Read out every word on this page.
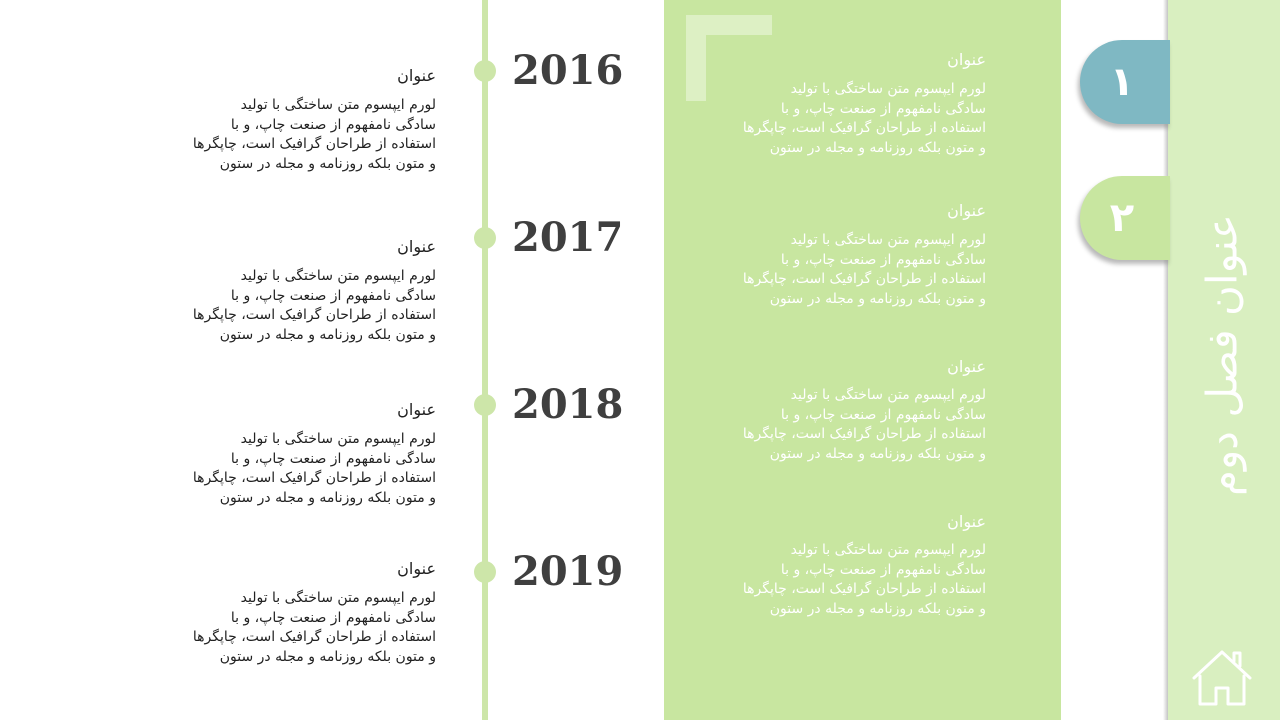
2016
عنوان
لورم ایپسوم متن ساختگی با تولید
سادگی نامفهوم از صنعت چاپ، و با
استفاده از طراحان گرافیک است، چاپگرها
و متون بلکه روزنامه و مجله در ستون
2017
عنوان
لورم ایپسوم متن ساختگی با تولید
سادگی نامفهوم از صنعت چاپ، و با
استفاده از طراحان گرافیک است، چاپگرها
و متون بلکه روزنامه و مجله در ستون
2018
عنوان
لورم ایپسوم متن ساختگی با تولید
سادگی نامفهوم از صنعت چاپ، و با
استفاده از طراحان گرافیک است، چاپگرها
و متون بلکه روزنامه و مجله در ستون
2019
عنوان
لورم ایپسوم متن ساختگی با تولید
سادگی نامفهوم از صنعت چاپ، و با
استفاده از طراحان گرافیک است، چاپگرها
و متون بلکه روزنامه و مجله در ستون
عنوان
لورم ایپسوم متن ساختگی با تولید
سادگی نامفهوم از صنعت چاپ، و با
استفاده از طراحان گرافیک است، چاپگرها
و متون بلکه روزنامه و مجله در ستون
عنوان
لورم ایپسوم متن ساختگی با تولید
سادگی نامفهوم از صنعت چاپ، و با
استفاده از طراحان گرافیک است، چاپگرها
و متون بلکه روزنامه و مجله در ستون
عنوان
لورم ایپسوم متن ساختگی با تولید
سادگی نامفهوم از صنعت چاپ، و با
استفاده از طراحان گرافیک است، چاپگرها
و متون بلکه روزنامه و مجله در ستون
عنوان
لورم ایپسوم متن ساختگی با تولید
سادگی نامفهوم از صنعت چاپ، و با
استفاده از طراحان گرافیک است، چاپگرها
و متون بلکه روزنامه و مجله در ستون
۱
۲ عنوان فصل دوم
